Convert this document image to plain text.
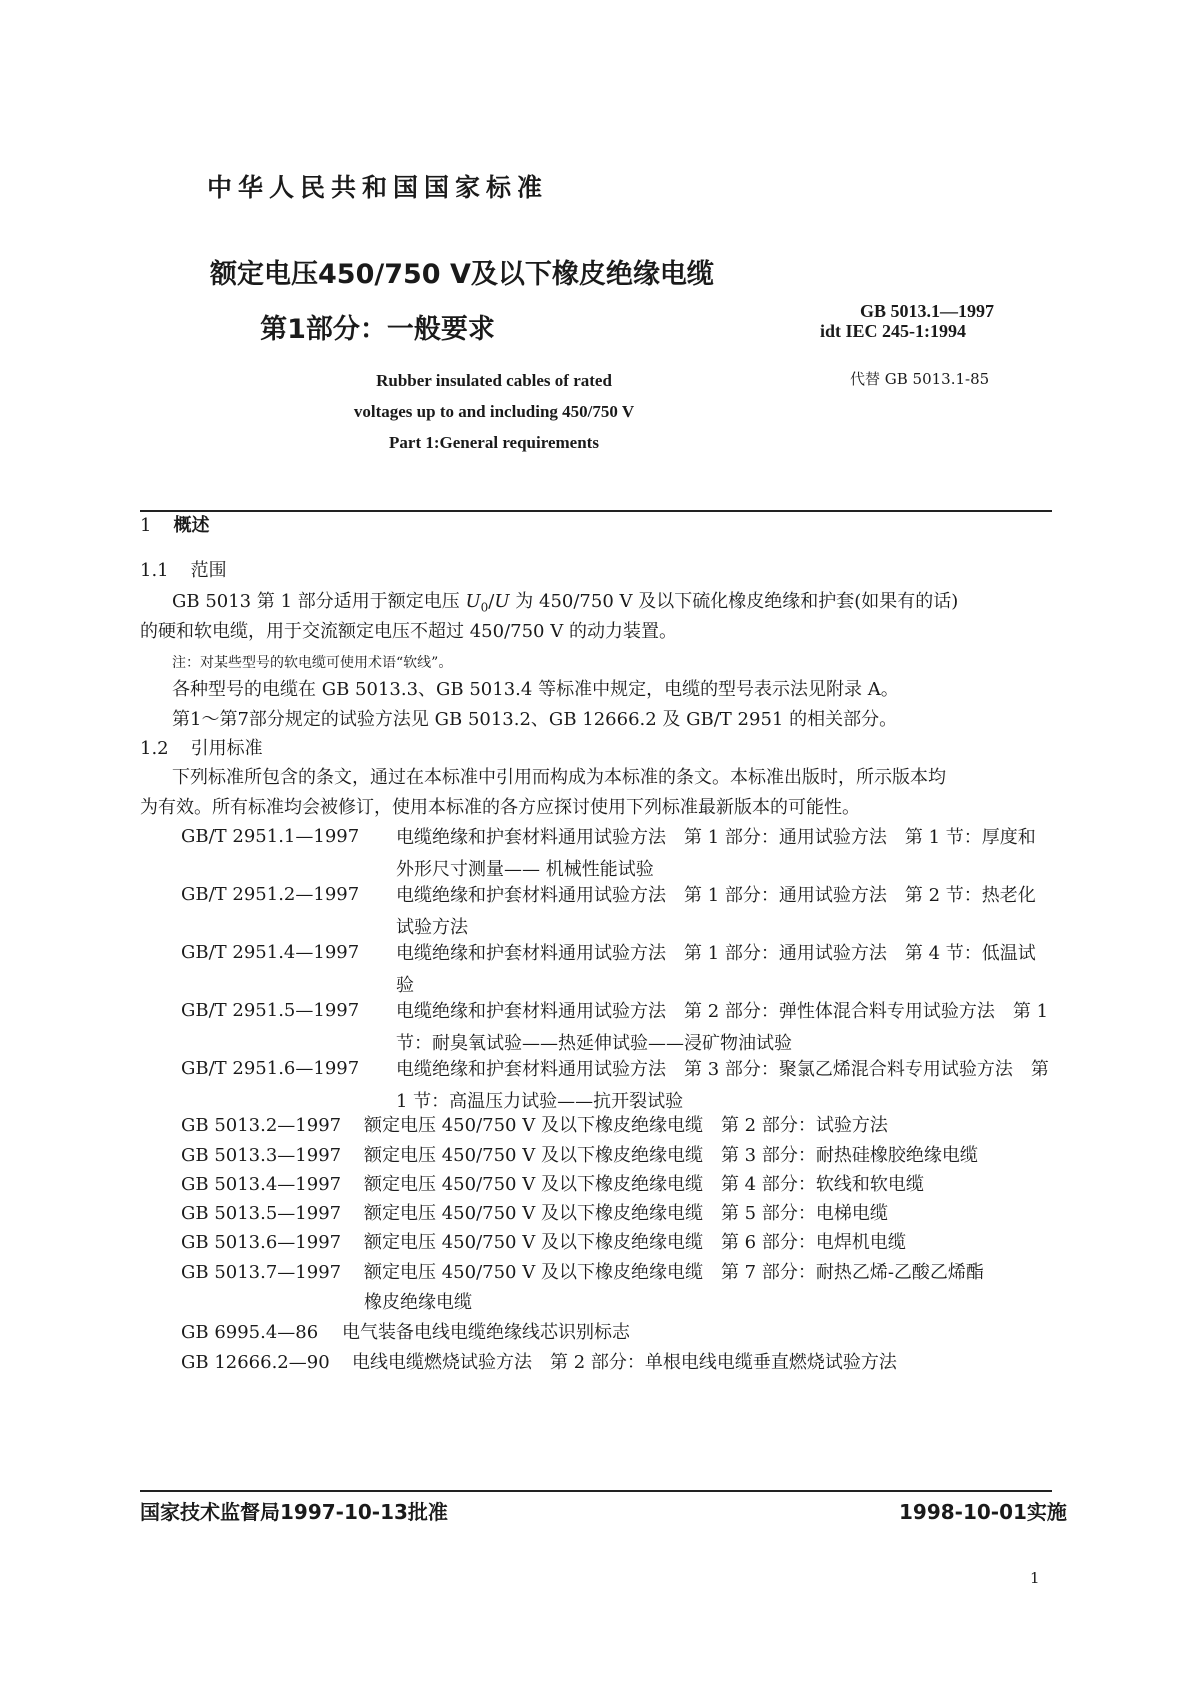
中华人民共和国国家标准
额定电压450/750 V及以下橡皮绝缘电缆
第1部分：一般要求
GB 5013.1—1997
idt IEC 245-1:1994
代替 GB 5013.1-85
Rubber insulated cables of rated
voltages up to and including 450/750 V
Part 1:General requirements
1 概述
1.1 范围
GB 5013 第 1 部分适用于额定电压 $U_0/U$ 为 450/750 V 及以下硫化橡皮绝缘和护套(如果有的话)
的硬和软电缆，用于交流额定电压不超过 450/750 V 的动力装置。
注：对某些型号的软电缆可使用术语“软线”。
各种型号的电缆在 GB 5013.3、GB 5013.4 等标准中规定，电缆的型号表示法见附录 A。
第1～第7部分规定的试验方法见 GB 5013.2、GB 12666.2 及 GB/T 2951 的相关部分。
1.2 引用标准
下列标准所包含的条文，通过在本标准中引用而构成为本标准的条文。本标准出版时，所示版本均
为有效。所有标准均会被修订，使用本标准的各方应探讨使用下列标准最新版本的可能性。
GB/T 2951.1—1997 电缆绝缘和护套材料通用试验方法　第 1 部分：通用试验方法　第 1 节：厚度和外形尺寸测量—— 机械性能试验
GB/T 2951.2—1997 电缆绝缘和护套材料通用试验方法　第 1 部分：通用试验方法　第 2 节：热老化试验方法
GB/T 2951.4—1997 电缆绝缘和护套材料通用试验方法　第 1 部分：通用试验方法　第 4 节：低温试验
GB/T 2951.5—1997 电缆绝缘和护套材料通用试验方法　第 2 部分：弹性体混合料专用试验方法　第 1 节：耐臭氧试验——热延伸试验——浸矿物油试验
GB/T 2951.6—1997 电缆绝缘和护套材料通用试验方法　第 3 部分：聚氯乙烯混合料专用试验方法　第 1 节：高温压力试验——抗开裂试验
GB 5013.2—1997 额定电压 450/750 V 及以下橡皮绝缘电缆　第 2 部分：试验方法
GB 5013.3—1997 额定电压 450/750 V 及以下橡皮绝缘电缆　第 3 部分：耐热硅橡胶绝缘电缆
GB 5013.4—1997 额定电压 450/750 V 及以下橡皮绝缘电缆　第 4 部分：软线和软电缆
GB 5013.5—1997 额定电压 450/750 V 及以下橡皮绝缘电缆　第 5 部分：电梯电缆
GB 5013.6—1997 额定电压 450/750 V 及以下橡皮绝缘电缆　第 6 部分：电焊机电缆
GB 5013.7—1997 额定电压 450/750 V 及以下橡皮绝缘电缆　第 7 部分：耐热乙烯-乙酸乙烯酯
橡皮绝缘电缆
GB 6995.4—86 电气装备电线电缆绝缘线芯识别标志
GB 12666.2—90 电线电缆燃烧试验方法　第 2 部分：单根电线电缆垂直燃烧试验方法
国家技术监督局1997-10-13批准	1998-10-01实施
1
